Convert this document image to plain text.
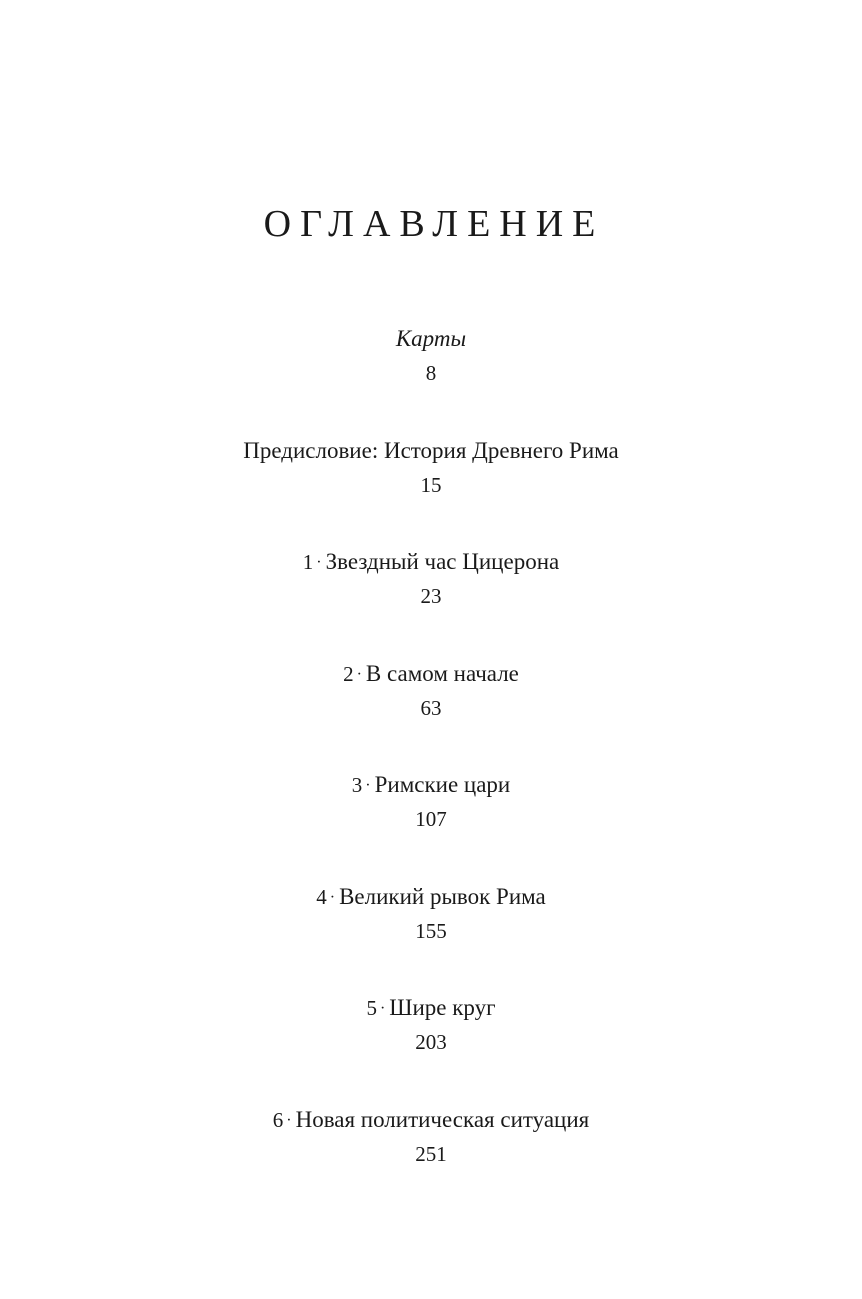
ОГЛАВЛЕНИЕ
Карты
8
Предисловие: История Древнего Рима
15
1 · Звездный час Цицерона
23
2 · В самом начале
63
3 · Римские цари
107
4 · Великий рывок Рима
155
5 · Шире круг
203
6 · Новая политическая ситуация
251
